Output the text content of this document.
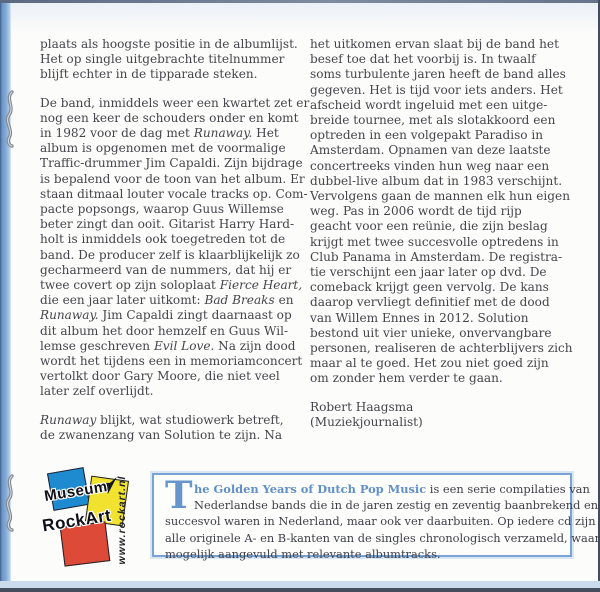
plaats als hoogste positie in de albumlijst.
Het op single uitgebrachte titelnummer
blijft echter in de tipparade steken.
De band, inmiddels weer een kwartet zet er
nog een keer de schouders onder en komt
in 1982 voor de dag met Runaway. Het
album is opgenomen met de voormalige
Traffic-drummer Jim Capaldi. Zijn bijdrage
is bepalend voor de toon van het album. Er
staan ditmaal louter vocale tracks op. Com-
pacte popsongs, waarop Guus Willemse
beter zingt dan ooit. Gitarist Harry Hard-
holt is inmiddels ook toegetreden tot de
band. De producer zelf is klaarblijkelijk zo
gecharmeerd van de nummers, dat hij er
twee covert op zijn soloplaat Fierce Heart,
die een jaar later uitkomt: Bad Breaks en
Runaway. Jim Capaldi zingt daarnaast op
dit album het door hemzelf en Guus Wil-
lemse geschreven Evil Love. Na zijn dood
wordt het tijdens een in memoriamconcert
vertolkt door Gary Moore, die niet veel
later zelf overlijdt.
Runaway blijkt, wat studiowerk betreft,
de zwanenzang van Solution te zijn. Na
het uitkomen ervan slaat bij de band het
besef toe dat het voorbij is. In twaalf
soms turbulente jaren heeft de band alles
gegeven. Het is tijd voor iets anders. Het
afscheid wordt ingeluid met een uitge-
breide tournee, met als slotakkoord een
optreden in een volgepakt Paradiso in
Amsterdam. Opnamen van deze laatste
concertreeks vinden hun weg naar een
dubbel-live album dat in 1983 verschijnt.
Vervolgens gaan de mannen elk hun eigen
weg. Pas in 2006 wordt de tijd rijp
geacht voor een reünie, die zijn beslag
krijgt met twee succesvolle optredens in
Club Panama in Amsterdam. De registra-
tie verschijnt een jaar later op dvd. De
comeback krijgt geen vervolg. De kans
daarop vervliegt definitief met de dood
van Willem Ennes in 2012. Solution
bestond uit vier unieke, onvervangbare
personen, realiseren de achterblijvers zich
maar al te goed. Het zou niet goed zijn
om zonder hem verder te gaan.
Robert Haagsma
(Muziekjournalist)
Museum
RockArt www.rockart.nl T he Golden Years of Dutch Pop Music is een serie compilaties van
Nederlandse bands die in de jaren zestig en zeventig baanbrekend en
succesvol waren in Nederland, maar ook ver daarbuiten. Op iedere cd zijn
alle originele A- en B-kanten van de singles chronologisch verzameld, waar
mogelijk aangevuld met relevante albumtracks.
